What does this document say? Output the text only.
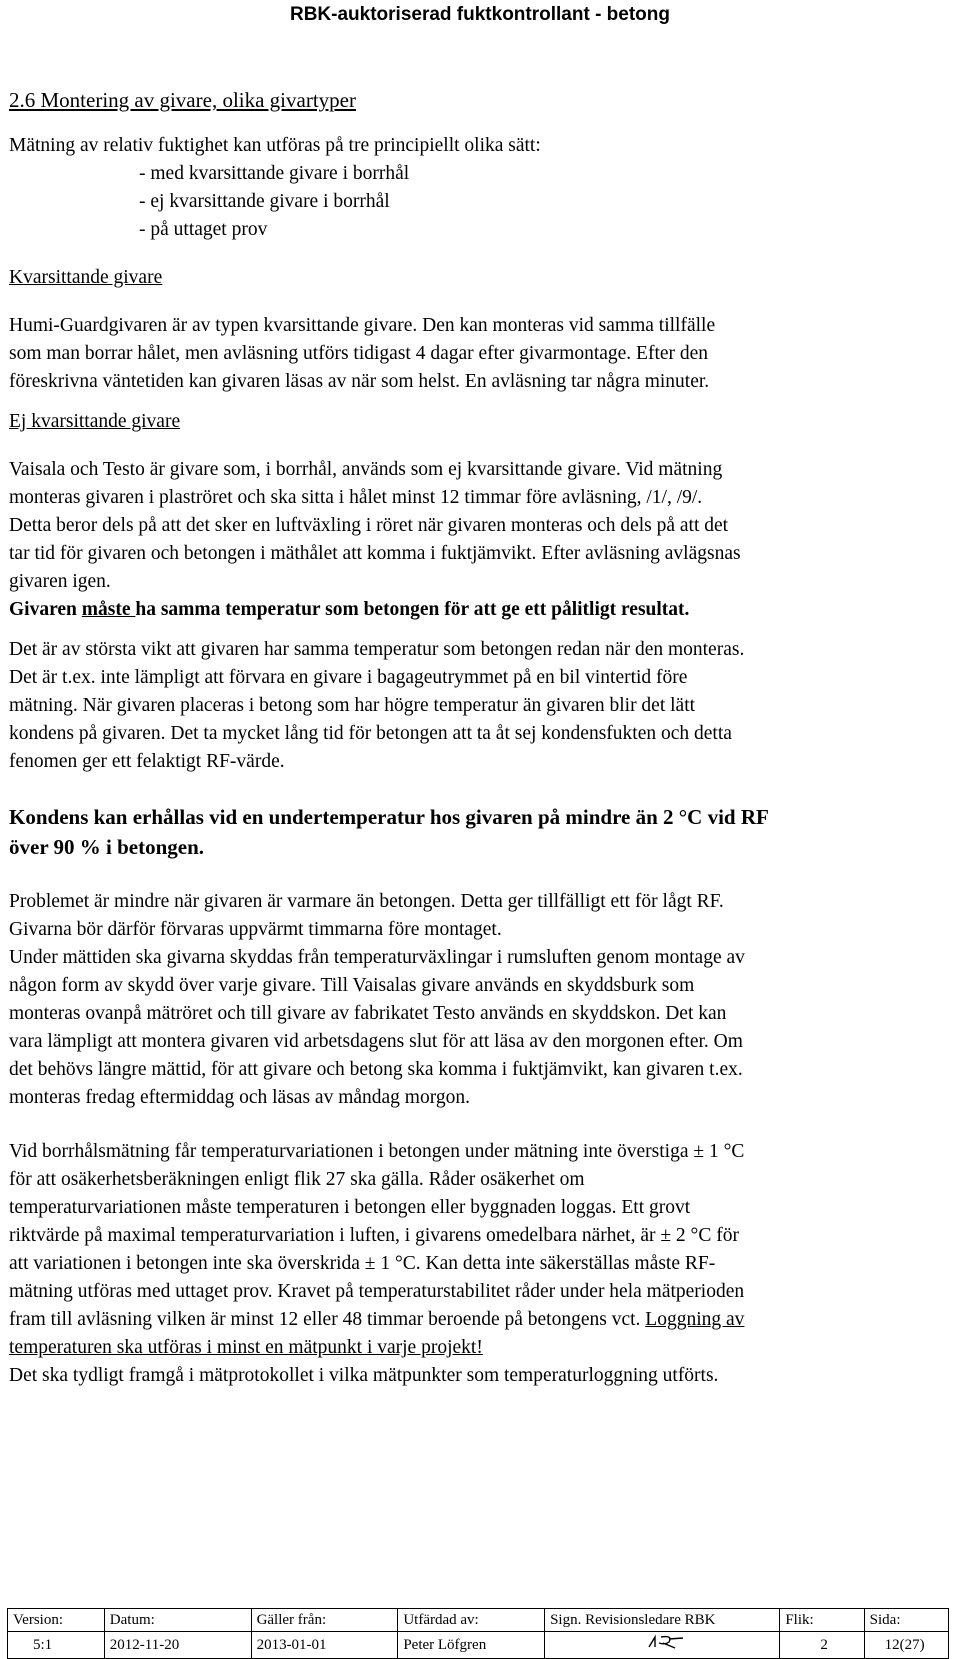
RBK-auktoriserad fuktkontrollant - betong

2.6 Montering av givare, olika givartyper

Mätning av relativ fuktighet kan utföras på tre principiellt olika sätt:

- med kvarsittande givare i borrhål

- ej kvarsittande givare i borrhål

- på uttaget prov

Kvarsittande givare

Humi-Guardgivaren är av typen kvarsittande givare. Den kan monteras vid samma tillfälle

som man borrar hålet, men avläsning utförs tidigast 4 dagar efter givarmontage. Efter den

föreskrivna väntetiden kan givaren läsas av när som helst. En avläsning tar några minuter.

Ej kvarsittande givare

Vaisala och Testo är givare som, i borrhål, används som ej kvarsittande givare. Vid mätning

monteras givaren i plaströret och ska sitta i hålet minst 12 timmar före avläsning, /1/, /9/.

Detta beror dels på att det sker en luftväxling i röret när givaren monteras och dels på att det

tar tid för givaren och betongen i mäthålet att komma i fuktjämvikt. Efter avläsning avlägsnas

givaren igen.

Givaren måste ha samma temperatur som betongen för att ge ett pålitligt resultat.

Det är av största vikt att givaren har samma temperatur som betongen redan när den monteras.

Det är t.ex. inte lämpligt att förvara en givare i bagageutrymmet på en bil vintertid före

mätning. När givaren placeras i betong som har högre temperatur än givaren blir det lätt

kondens på givaren. Det ta mycket lång tid för betongen att ta åt sej kondensfukten och detta

fenomen ger ett felaktigt RF-värde.

Kondens kan erhållas vid en undertemperatur hos givaren på mindre än 2 °C vid RF

över 90 % i betongen.

Problemet är mindre när givaren är varmare än betongen. Detta ger tillfälligt ett för lågt RF.

Givarna bör därför förvaras uppvärmt timmarna före montaget.

Under mättiden ska givarna skyddas från temperaturväxlingar i rumsluften genom montage av

någon form av skydd över varje givare. Till Vaisalas givare används en skyddsburk som

monteras ovanpå mätröret och till givare av fabrikatet Testo används en skyddskon. Det kan

vara lämpligt att montera givaren vid arbetsdagens slut för att läsa av den morgonen efter. Om

det behövs längre mättid, för att givare och betong ska komma i fuktjämvikt, kan givaren t.ex.

monteras fredag eftermiddag och läsas av måndag morgon.

Vid borrhålsmätning får temperaturvariationen i betongen under mätning inte överstiga ± 1 °C

för att osäkerhetsberäkningen enligt flik 27 ska gälla. Råder osäkerhet om

temperaturvariationen måste temperaturen i betongen eller byggnaden loggas. Ett grovt

riktvärde på maximal temperaturvariation i luften, i givarens omedelbara närhet, är ± 2 °C för

att variationen i betongen inte ska överskrida ± 1 °C. Kan detta inte säkerställas måste RF-

mätning utföras med uttaget prov. Kravet på temperaturstabilitet råder under hela mätperioden

fram till avläsning vilken är minst 12 eller 48 timmar beroende på betongens vct. Loggning av

temperaturen ska utföras i minst en mätpunkt i varje projekt!

Det ska tydligt framgå i mätprotokollet i vilka mätpunkter som temperaturloggning utförts.

Version:	Datum:	Gäller från:	Utfärdad av:	Sign. Revisionsledare RBK	Flik:	Sida:
5:1	2012-11-20	2013-01-01	Peter Löfgren		2	12(27)
